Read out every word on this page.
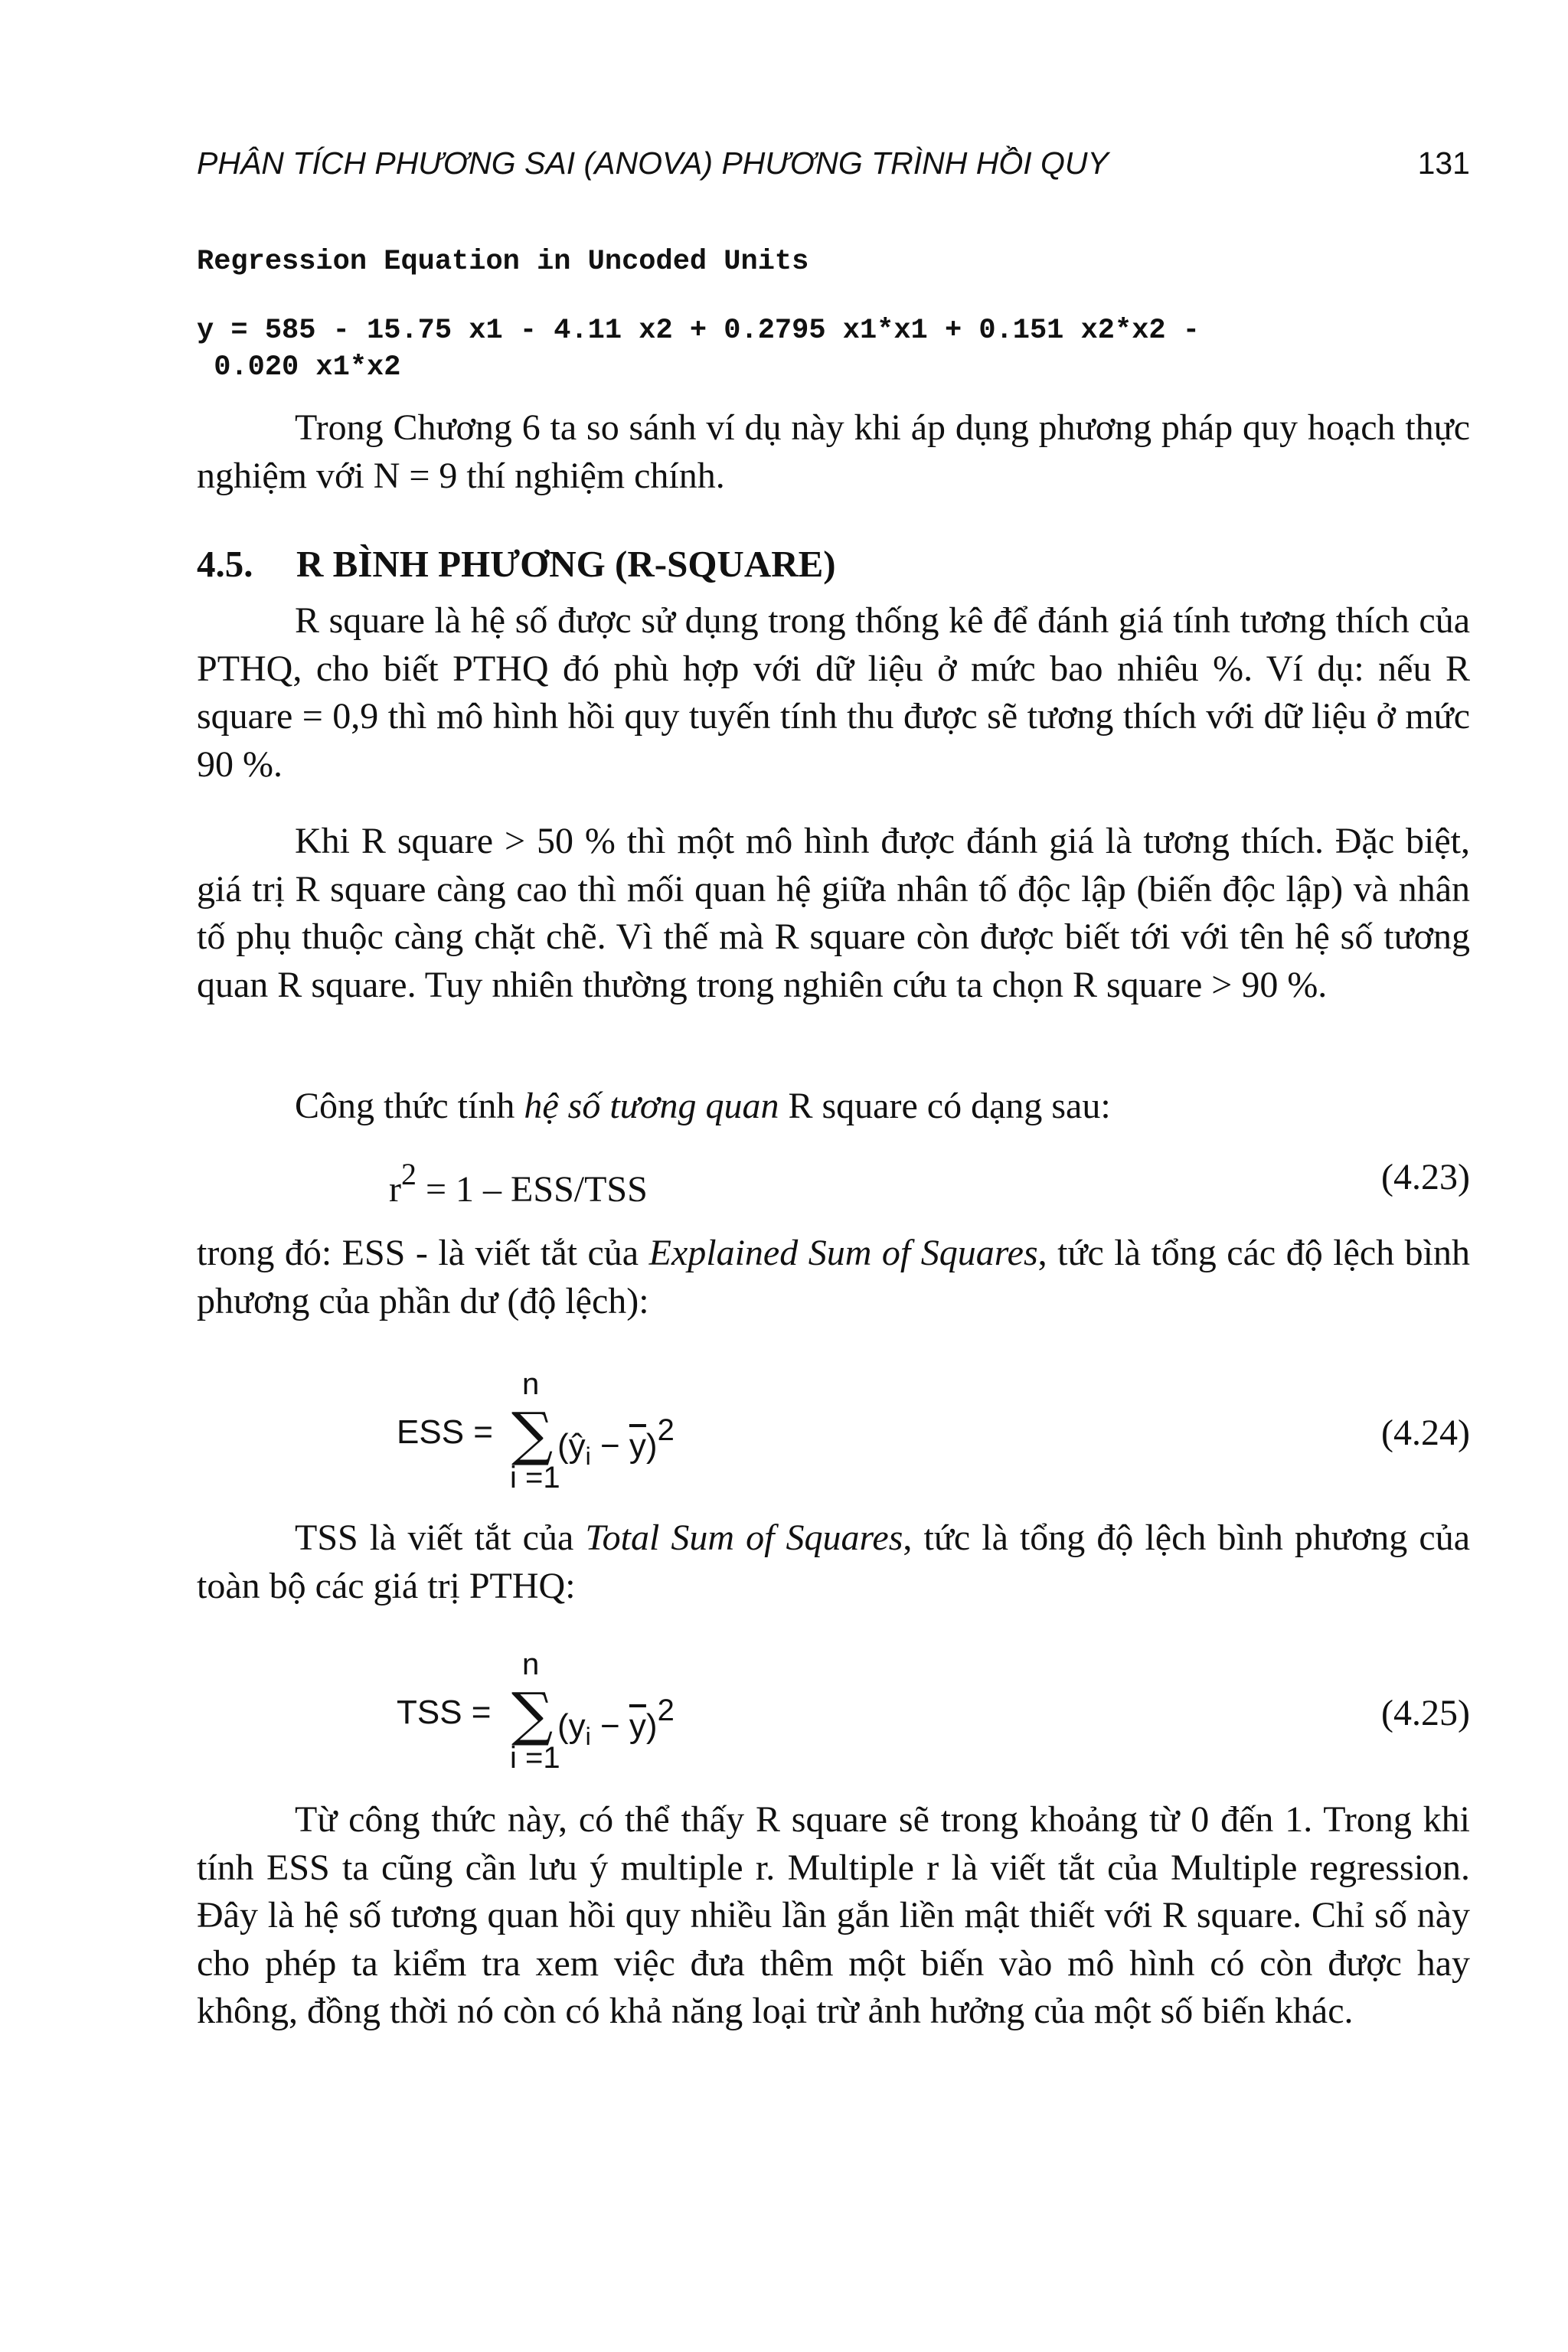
PHÂN TÍCH PHƯƠNG SAI (ANOVA) PHƯƠNG TRÌNH HỒI QUY	131
Regression Equation in Uncoded Units
y = 585 - 15.75 x1 - 4.11 x2 + 0.2795 x1*x1 + 0.151 x2*x2 -
0.020 x1*x2

Trong Chương 6 ta so sánh ví dụ này khi áp dụng phương pháp quy hoạch thực nghiệm với N = 9 thí nghiệm chính.

4.5. R BÌNH PHƯƠNG (R-SQUARE)

R square là hệ số được sử dụng trong thống kê để đánh giá tính tương thích của PTHQ, cho biết PTHQ đó phù hợp với dữ liệu ở mức bao nhiêu %. Ví dụ: nếu R square = 0,9 thì mô hình hồi quy tuyến tính thu được sẽ tương thích với dữ liệu ở mức 90 %.

Khi R square > 50 % thì một mô hình được đánh giá là tương thích. Đặc biệt, giá trị R square càng cao thì mối quan hệ giữa nhân tố độc lập (biến độc lập) và nhân tố phụ thuộc càng chặt chẽ. Vì thế mà R square còn được biết tới với tên hệ số tương quan R square. Tuy nhiên thường trong nghiên cứu ta chọn R square > 90 %.

Công thức tính hệ số tương quan R square có dạng sau:

$r^2 = 1 - ESS/TSS$	(4.23)

trong đó: ESS - là viết tắt của Explained Sum of Squares, tức là tổng các độ lệch bình phương của phần dư (độ lệch):

ESS =
n
∑
i =1
$(ŷ_i - \overline{y})2$	(4.24)

TSS là viết tắt của Total Sum of Squares, tức là tổng độ lệch bình phương của toàn bộ các giá trị PTHQ:

TSS =
n
∑
i =1
$(y_i - \overline{y})2$	(4.25)

Từ công thức này, có thể thấy R square sẽ trong khoảng từ 0 đến 1. Trong khi tính ESS ta cũng cần lưu ý multiple r. Multiple r là viết tắt của Multiple regression. Đây là hệ số tương quan hồi quy nhiều lần gắn liền mật thiết với R square. Chỉ số này cho phép ta kiểm tra xem việc đưa thêm một biến vào mô hình có còn được hay không, đồng thời nó còn có khả năng loại trừ ảnh hưởng của một số biến khác.
